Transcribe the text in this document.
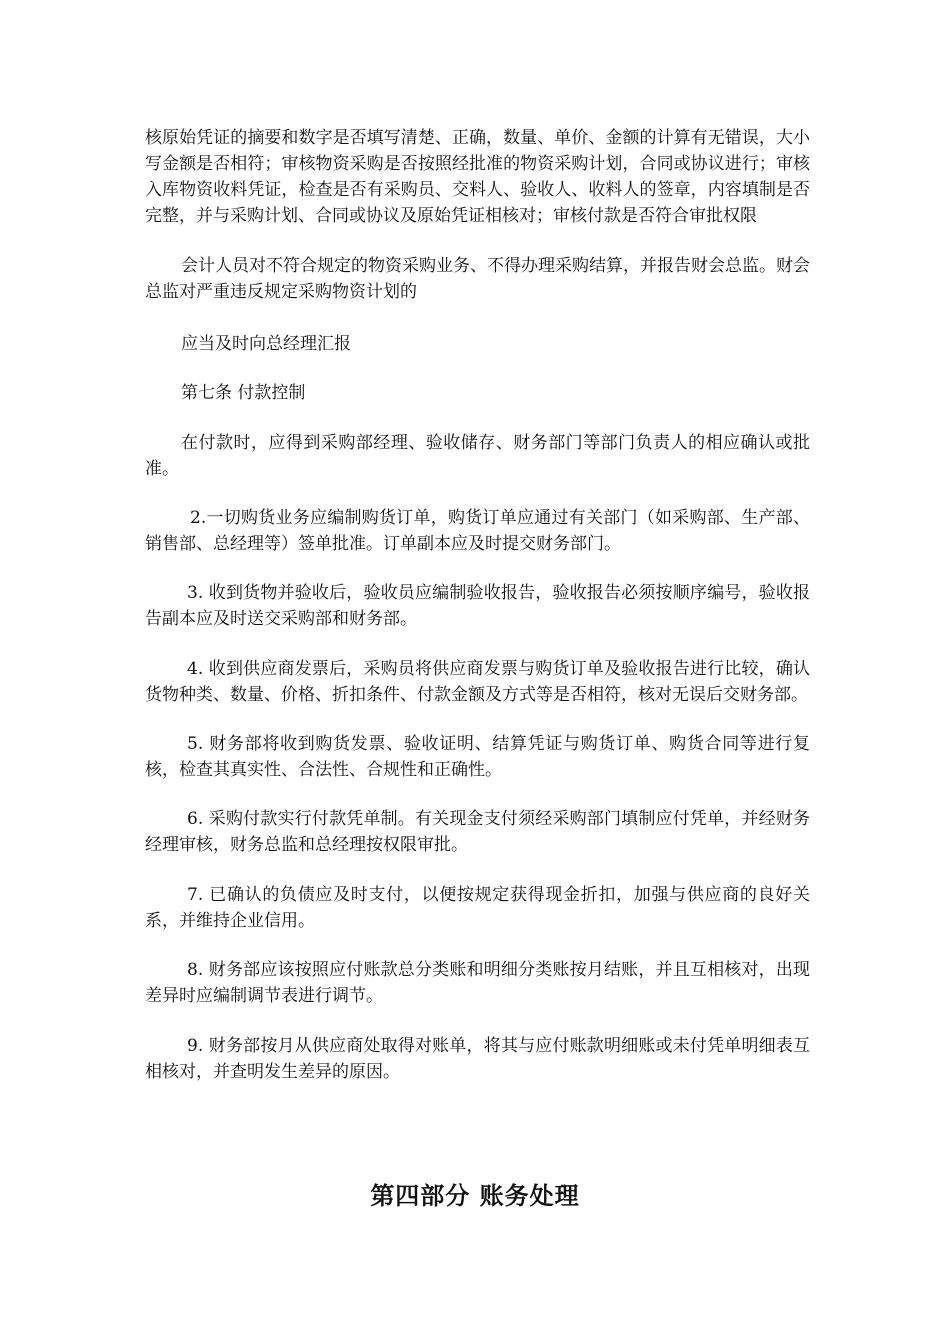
核原始凭证的摘要和数字是否填写清楚、正确，数量、单价、金额的计算有无错误，大小写金额是否相符；审核物资采购是否按照经批准的物资采购计划，合同或协议进行；审核入库物资收料凭证，检查是否有采购员、交料人、验收人、收料人的签章，内容填制是否完整，并与采购计划、合同或协议及原始凭证相核对；审核付款是否符合审批权限

会计人员对不符合规定的物资采购业务、不得办理采购结算，并报告财会总监。财会总监对严重违反规定采购物资计划的

应当及时向总经理汇报

第七条 付款控制

在付款时，应得到采购部经理、验收储存、财务部门等部门负责人的相应确认或批准。

2.一切购货业务应编制购货订单，购货订单应通过有关部门（如采购部、生产部、销售部、总经理等）签单批准。订单副本应及时提交财务部门。

3. 收到货物并验收后，验收员应编制验收报告，验收报告必须按顺序编号，验收报告副本应及时送交采购部和财务部。

4. 收到供应商发票后，采购员将供应商发票与购货订单及验收报告进行比较，确认货物种类、数量、价格、折扣条件、付款金额及方式等是否相符，核对无误后交财务部。

5. 财务部将收到购货发票、验收证明、结算凭证与购货订单、购货合同等进行复核，检查其真实性、合法性、合规性和正确性。

6. 采购付款实行付款凭单制。有关现金支付须经采购部门填制应付凭单，并经财务经理审核，财务总监和总经理按权限审批。

7. 已确认的负债应及时支付，以便按规定获得现金折扣，加强与供应商的良好关系，并维持企业信用。

8. 财务部应该按照应付账款总分类账和明细分类账按月结账，并且互相核对，出现差异时应编制调节表进行调节。

9. 财务部按月从供应商处取得对账单，将其与应付账款明细账或未付凭单明细表互相核对，并查明发生差异的原因。

第四部分 账务处理
